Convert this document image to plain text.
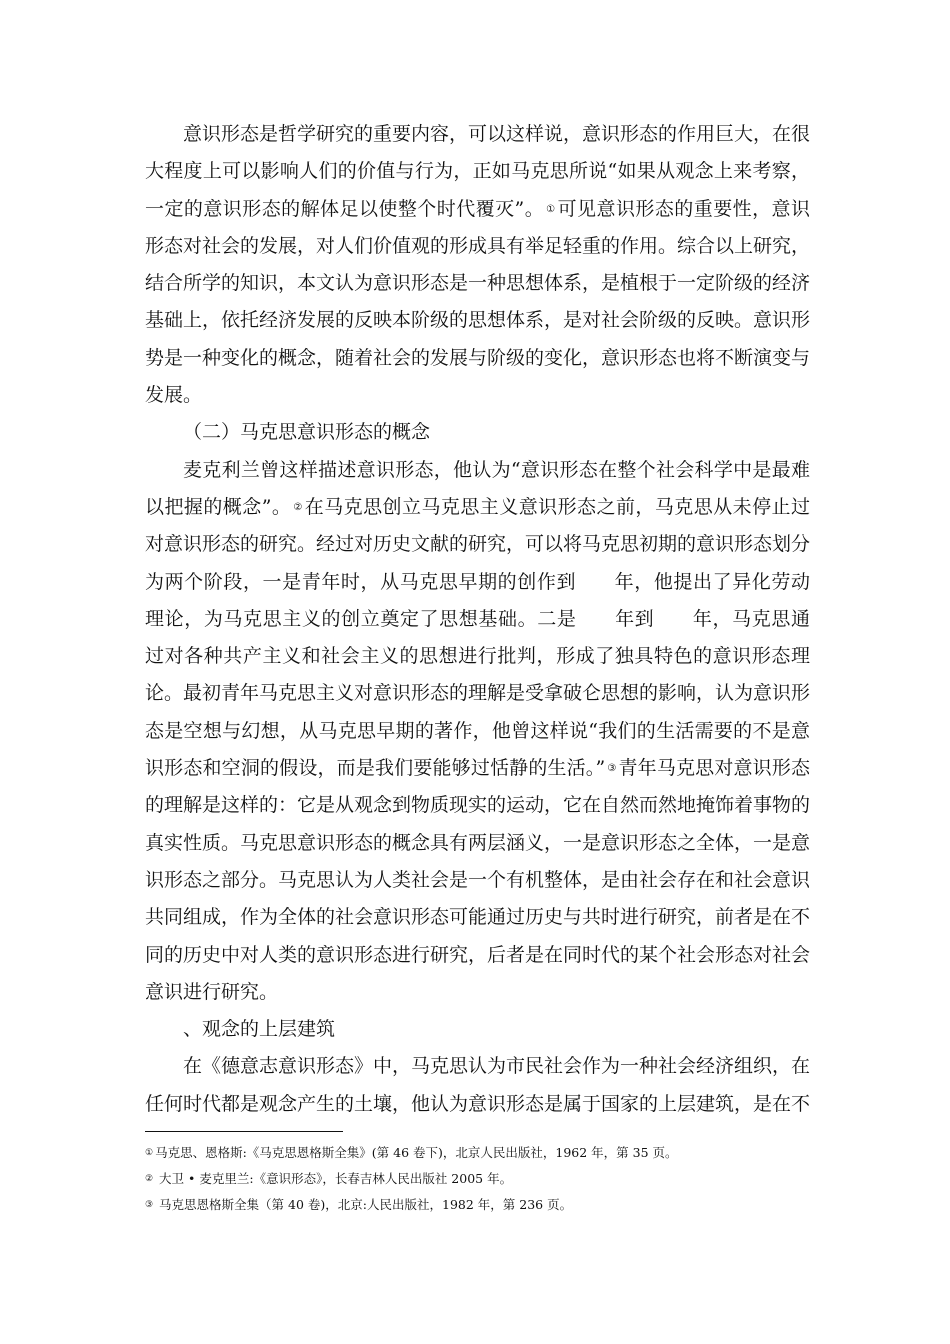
意识形态是哲学研究的重要内容，可以这样说，意识形态的作用巨大，在很大程度上可以影响人们的价值与行为，正如马克思所说“如果从观念上来考察，一定的意识形态的解体足以使整个时代覆灭”。 ① 可见意识形态的重要性，意识形态对社会的发展，对人们价值观的形成具有举足轻重的作用。综合以上研究，结合所学的知识，本文认为意识形态是一种思想体系，是植根于一定阶级的经济基础上，依托经济发展的反映本阶级的思想体系，是对社会阶级的反映。意识形势是一种变化的概念，随着社会的发展与阶级的变化，意识形态也将不断演变与发展。

（二）马克思意识形态的概念

麦克利兰曾这样描述意识形态，他认为“意识形态在整个社会科学中是最难以把握的概念”。 ② 在马克思创立马克思主义意识形态之前，马克思从未停止过对意识形态的研究。经过对历史文献的研究，可以将马克思初期的意识形态划分为两个阶段，一是青年时，从马克思早期的创作到 年，他提出了异化劳动理论，为马克思主义的创立奠定了思想基础。二是 年到 年，马克思通过对各种共产主义和社会主义的思想进行批判，形成了独具特色的意识形态理论。最初青年马克思主义对意识形态的理解是受拿破仑思想的影响，认为意识形态是空想与幻想，从马克思早期的著作，他曾这样说“我们的生活需要的不是意识形态和空洞的假设，而是我们要能够过恬静的生活。” ③ 青年马克思对意识形态的理解是这样的：它是从观念到物质现实的运动，它在自然而然地掩饰着事物的真实性质。马克思意识形态的概念具有两层涵义，一是意识形态之全体，一是意识形态之部分。马克思认为人类社会是一个有机整体，是由社会存在和社会意识共同组成，作为全体的社会意识形态可能通过历史与共时进行研究，前者是在不同的历史中对人类的意识形态进行研究，后者是在同时代的某个社会形态对社会意识进行研究。

、观念的上层建筑

在《德意志意识形态》中，马克思认为市民社会作为一种社会经济组织，在任何时代都是观念产生的土壤，他认为意识形态是属于国家的上层建筑，是在不

① 马克思、恩格斯:《马克思恩格斯全集》(第 46 卷下)，北京人民出版社，1962 年，第 35 页。

② 大卫 • 麦克里兰:《意识形态》，长春吉林人民出版社 2005 年。

③ 马克思恩格斯全集（第 40 卷)，北京:人民出版社，1982 年，第 236 页。
